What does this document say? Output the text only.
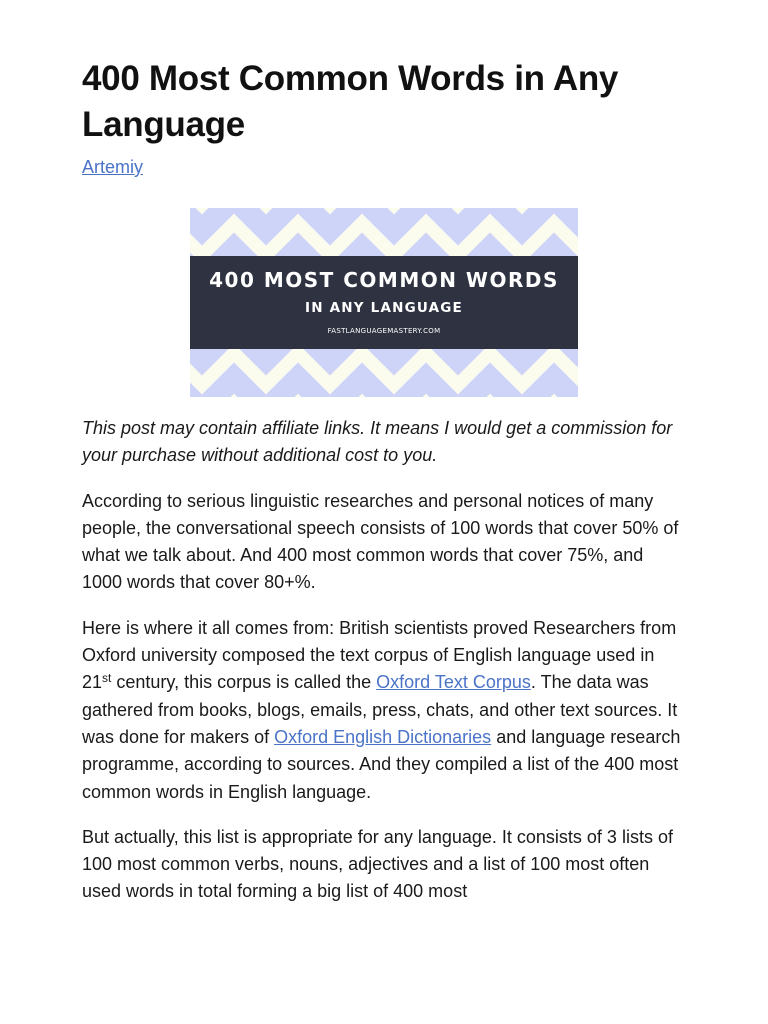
400 Most Common Words in Any Language
Artemiy
400 MOST COMMON WORDS
IN ANY LANGUAGE
FASTLANGUAGEMASTERY.COM

This post may contain affiliate links. It means I would get a commission for your purchase without additional cost to you.

According to serious linguistic researches and personal notices of many people, the conversational speech consists of 100 words that cover 50% of what we talk about. And 400 most common words that cover 75%, and 1000 words that cover 80+%.

Here is where it all comes from: British scientists proved Researchers from Oxford university composed the text corpus of English language used in 21st century, this corpus is called the Oxford Text Corpus. The data was gathered from books, blogs, emails, press, chats, and other text sources. It was done for makers of Oxford English Dictionaries and language research programme, according to sources. And they compiled a list of the 400 most common words in English language.

But actually, this list is appropriate for any language. It consists of 3 lists of 100 most common verbs, nouns, adjectives and a list of 100 most often used words in total forming a big list of 400 most
